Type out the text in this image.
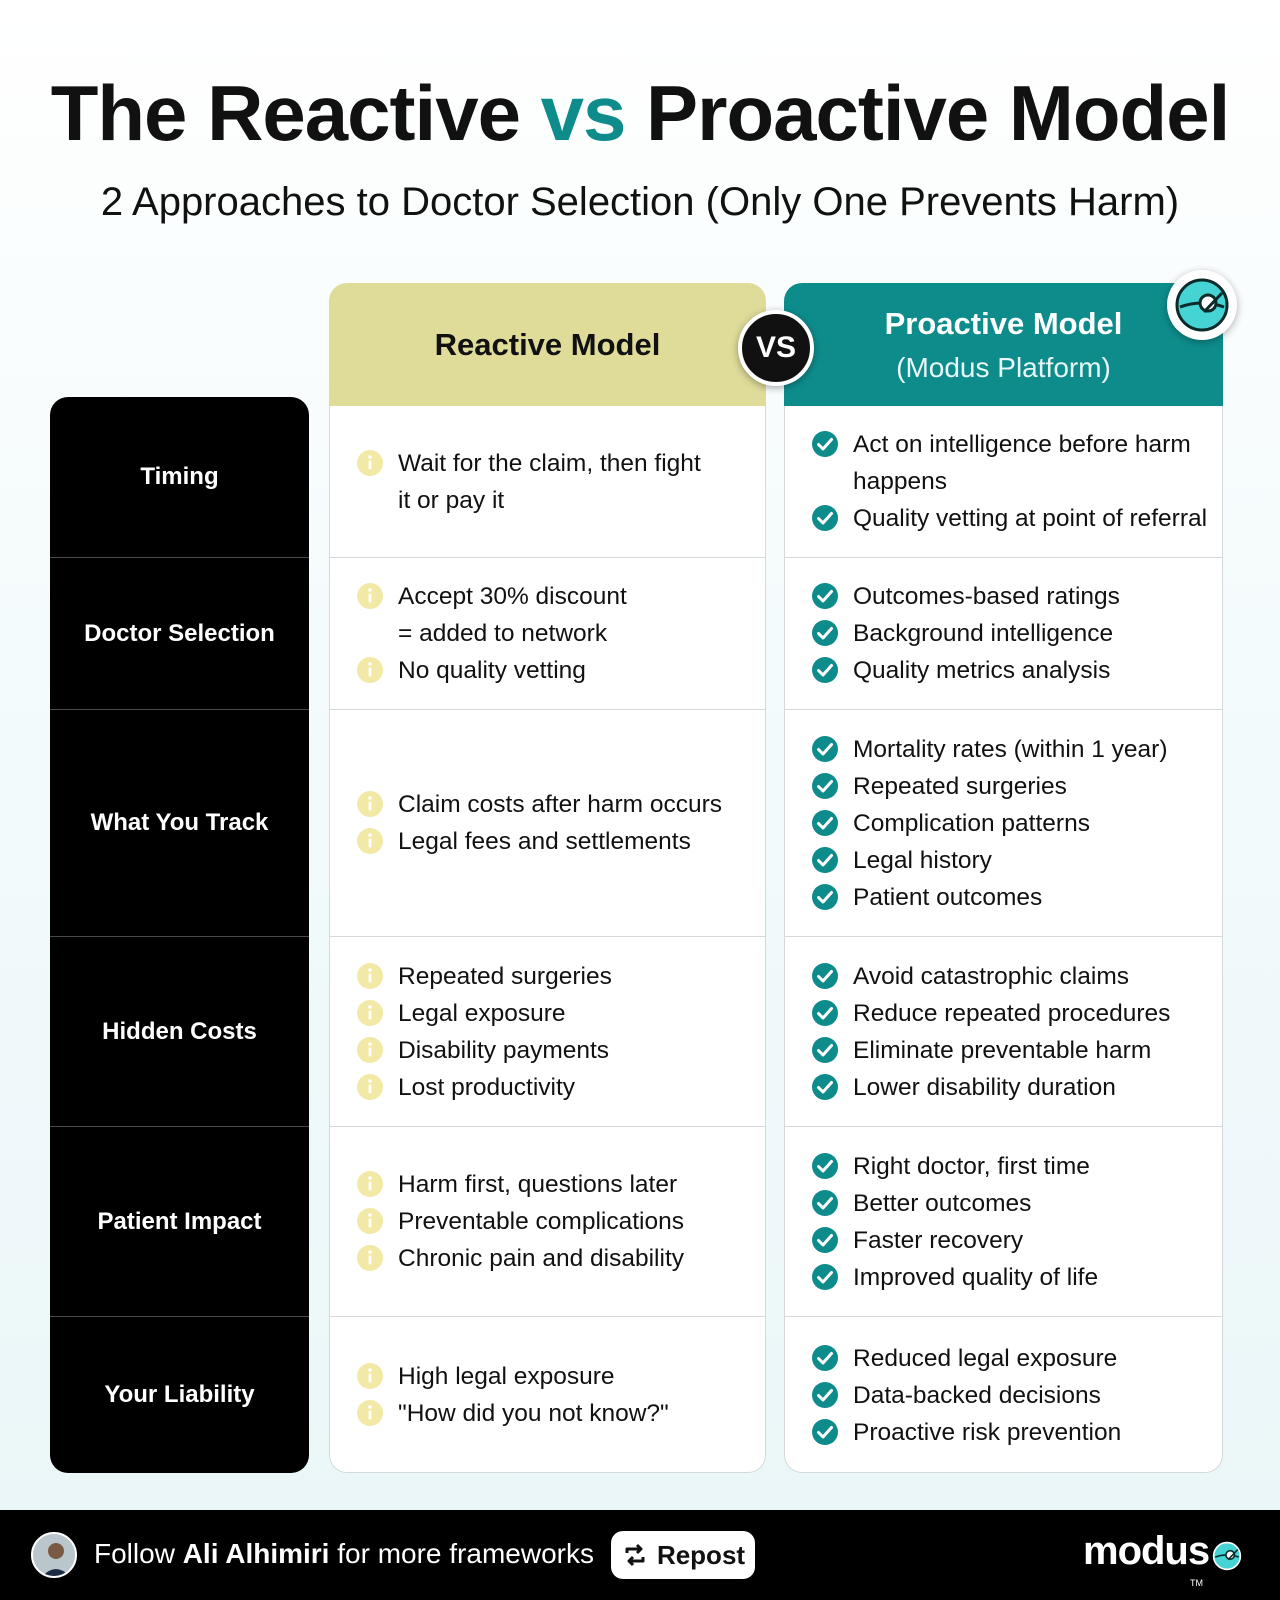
The Reactive vs Proactive Model
2 Approaches to Doctor Selection (Only One Prevents Harm)
Reactive Model
Proactive Model
(Modus Platform)
VS
Timing
Doctor Selection
What You Track
Hidden Costs
Patient Impact
Your Liability
Wait for the claim, then fight
it or pay it
Accept 30% discount
= added to network
No quality vetting
Claim costs after harm occurs
Legal fees and settlements
Repeated surgeries
Legal exposure
Disability payments
Lost productivity
Harm first, questions later
Preventable complications
Chronic pain and disability
High legal exposure
"How did you not know?"
Act on intelligence before harm
happens
Quality vetting at point of referral
Outcomes-based ratings
Background intelligence
Quality metrics analysis
Mortality rates (within 1 year)
Repeated surgeries
Complication patterns
Legal history
Patient outcomes
Avoid catastrophic claims
Reduce repeated procedures
Eliminate preventable harm
Lower disability duration
Right doctor, first time
Better outcomes
Faster recovery
Improved quality of life
Reduced legal exposure
Data-backed decisions
Proactive risk prevention
Follow Ali Alhimiri for more frameworks Repost	modus
TM
